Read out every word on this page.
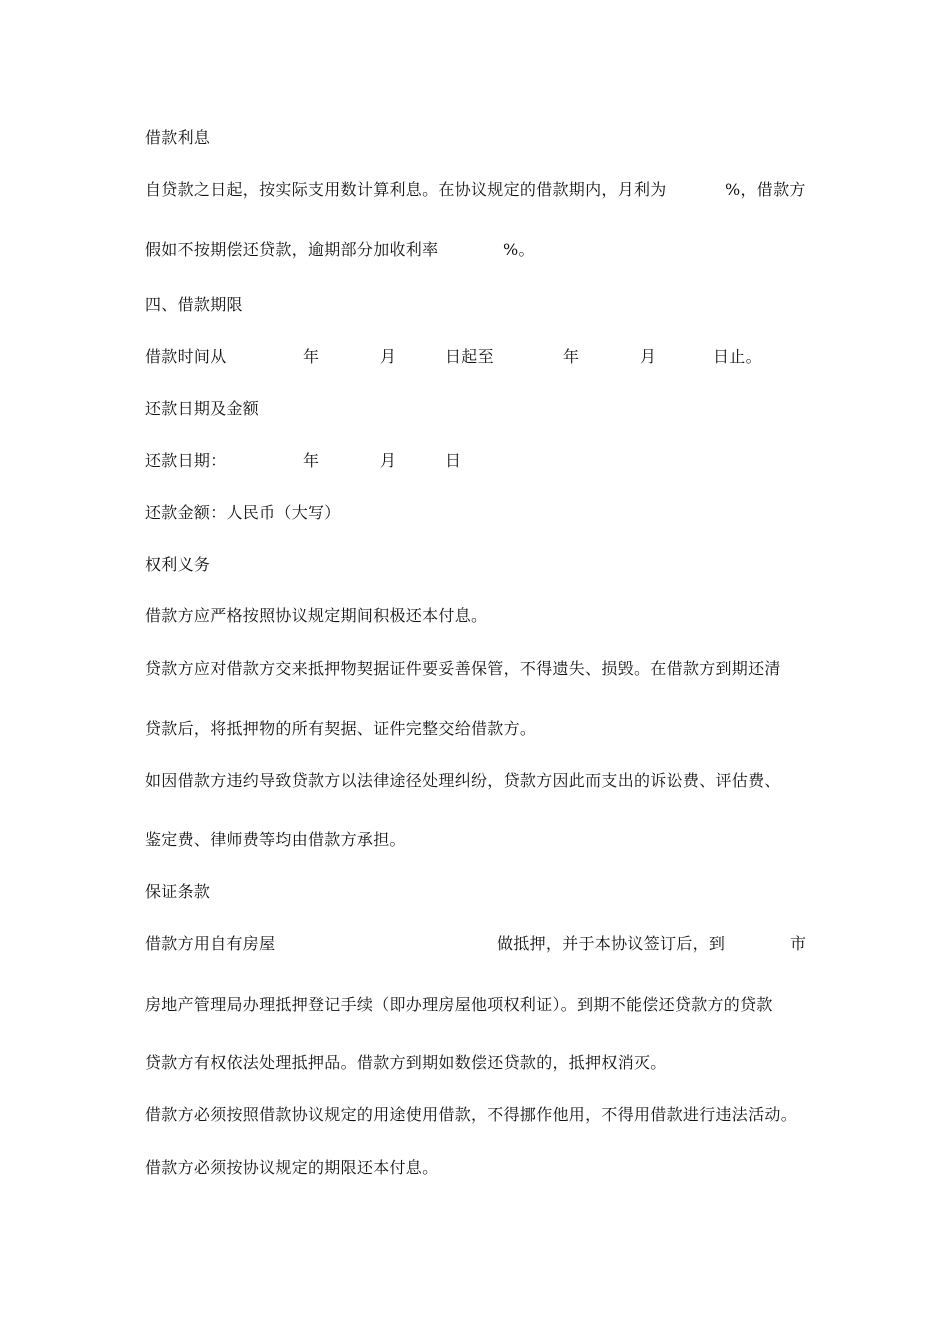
借款利息
自贷款之日起，按实际支用数计算利息。在协议规定的借款期内，月利为	%，借款方
假如不按期偿还贷款，逾期部分加收利率	%。
四、借款期限
借款时间从	年	月	日起至	年	月	日止。
还款日期及金额
还款日期：	年	月	日
还款金额：人民币（大写）
权利义务
借款方应严格按照协议规定期间积极还本付息。
贷款方应对借款方交来抵押物契据证件要妥善保管，不得遗失、损毁。在借款方到期还清
贷款后，将抵押物的所有契据、证件完整交给借款方。
如因借款方违约导致贷款方以法律途径处理纠纷，贷款方因此而支出的诉讼费、评估费、
鉴定费、律师费等均由借款方承担。
保证条款
借款方用自有房屋	做抵押，并于本协议签订后，到	市
房地产管理局办理抵押登记手续（即办理房屋他项权利证）。到期不能偿还贷款方的贷款
贷款方有权依法处理抵押品。借款方到期如数偿还贷款的，抵押权消灭。
借款方必须按照借款协议规定的用途使用借款，不得挪作他用，不得用借款进行违法活动。
借款方必须按协议规定的期限还本付息。
